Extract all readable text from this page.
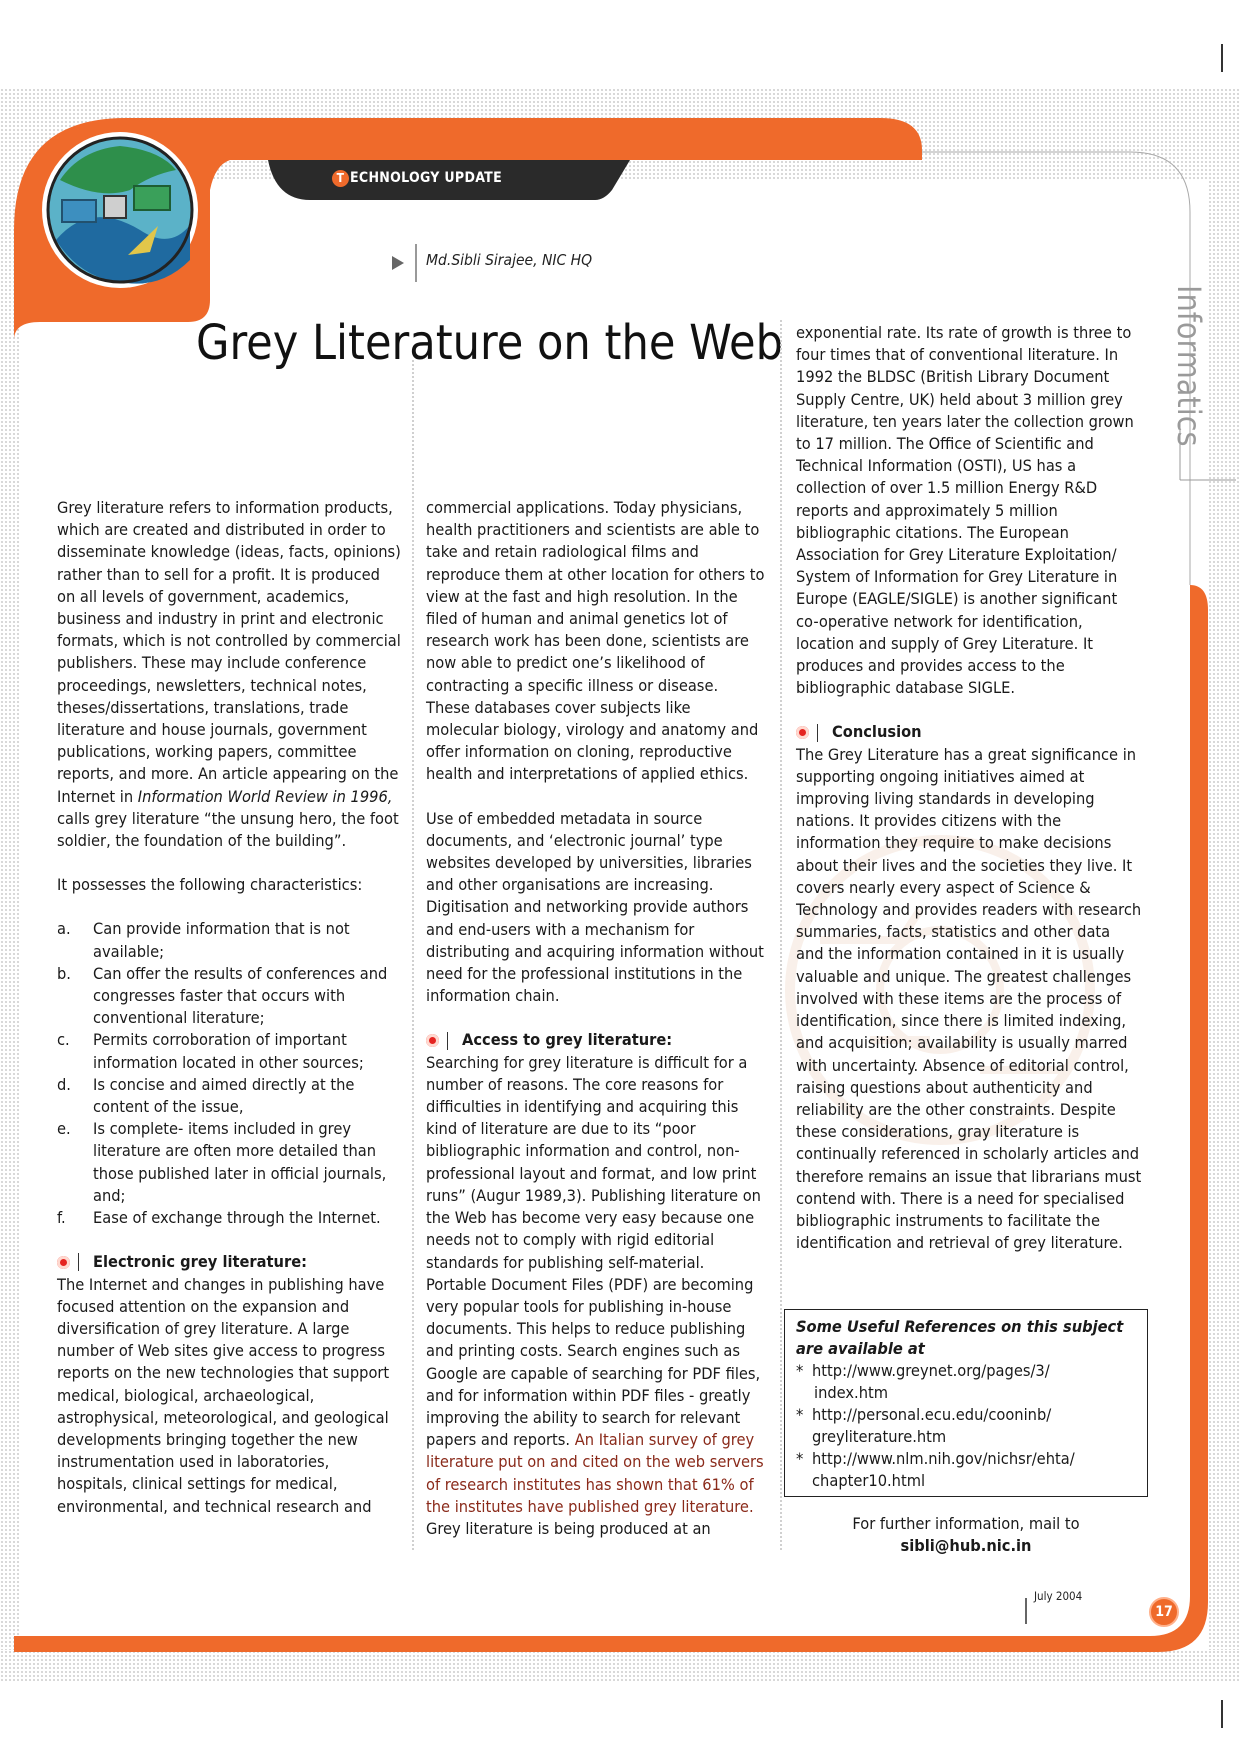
T ECHNOLOGY UPDATE
Md.Sibli Sirajee, NIC HQ
Grey Literature on the Web	Informatics

Grey literature refers to information products, which are created and distributed in order to disseminate knowledge (ideas, facts, opinions) rather than to sell for a profit. It is produced on all levels of government, academics, business and industry in print and electronic formats, which is not controlled by commercial publishers. These may include conference proceedings, newsletters, technical notes, theses/dissertations, translations, trade literature and house journals, government publications, working papers, committee reports, and more. An article appearing on the Internet in Information World Review in 1996, calls grey literature “the unsung hero, the foot soldier, the foundation of the building”.

It possesses the following characteristics:

a.	Can provide information that is not available;
b.	Can offer the results of conferences and congresses faster that occurs with conventional literature;
c.	Permits corroboration of important information located in other sources;
d.	Is concise and aimed directly at the content of the issue,
e.	Is complete- items included in grey literature are often more detailed than those published later in official journals, and;
f.	Ease of exchange through the Internet.
Electronic grey literature:

The Internet and changes in publishing have focused attention on the expansion and diversification of grey literature. A large number of Web sites give access to progress reports on the new technologies that support medical, biological, archaeological, astrophysical, meteorological, and geological developments bringing together the new instrumentation used in laboratories, hospitals, clinical settings for medical, environmental, and technical research and

commercial applications. Today physicians, health practitioners and scientists are able to take and retain radiological films and reproduce them at other location for others to view at the fast and high resolution. In the filed of human and animal genetics lot of research work has been done, scientists are now able to predict one’s likelihood of contracting a specific illness or disease. These databases cover subjects like molecular biology, virology and anatomy and offer information on cloning, reproductive health and interpretations of applied ethics.

Use of embedded metadata in source documents, and ‘electronic journal’ type websites developed by universities, libraries and other organisations are increasing. Digitisation and networking provide authors and end-users with a mechanism for distributing and acquiring information without need for the professional institutions in the information chain.

Access to grey literature:

Searching for grey literature is difficult for a number of reasons. The core reasons for difficulties in identifying and acquiring this kind of literature are due to its “poor bibliographic information and control, non-professional layout and format, and low print runs” (Augur 1989,3). Publishing literature on the Web has become very easy because one needs not to comply with rigid editorial standards for publishing self-material. Portable Document Files (PDF) are becoming very popular tools for publishing in-house documents. This helps to reduce publishing and printing costs. Search engines such as Google are capable of searching for PDF files, and for information within PDF files - greatly improving the ability to search for relevant papers and reports. An Italian survey of grey literature put on and cited on the web servers of research institutes has shown that 61% of the institutes have published grey literature. Grey literature is being produced at an

exponential rate. Its rate of growth is three to four times that of conventional literature. In 1992 the BLDSC (British Library Document Supply Centre, UK) held about 3 million grey literature, ten years later the collection grown to 17 million. The Office of Scientific and Technical Information (OSTI), US has a collection of over 1.5 million Energy R&D reports and approximately 5 million bibliographic citations. The European Association for Grey Literature Exploitation/ System of Information for Grey Literature in Europe (EAGLE/SIGLE) is another significant co-operative network for identification, location and supply of Grey Literature. It produces and provides access to the bibliographic database SIGLE.

Conclusion

The Grey Literature has a great significance in supporting ongoing initiatives aimed at improving living standards in developing nations. It provides citizens with the information they require to make decisions about their lives and the societies they live. It covers nearly every aspect of Science & Technology and provides readers with research summaries, facts, statistics and other data and the information contained in it is usually valuable and unique. The greatest challenges involved with these items are the process of identification, since there is limited indexing, and acquisition; availability is usually marred with uncertainty. Absence of editorial control, raising questions about authenticity and reliability are the other constraints. Despite these considerations, gray literature is continually referenced in scholarly articles and therefore remains an issue that librarians must contend with. There is a need for specialised bibliographic instruments to facilitate the identification and retrieval of grey literature.

Some Useful References on this subject are available at
* http://www.greynet.org/pages/3/
index.htm
* http://personal.ecu.edu/cooninb/
greyliterature.htm
* http://www.nlm.nih.gov/nichsr/ehta/
chapter10.html
For further information, mail to
sibli@hub.nic.in
July 2004
17
